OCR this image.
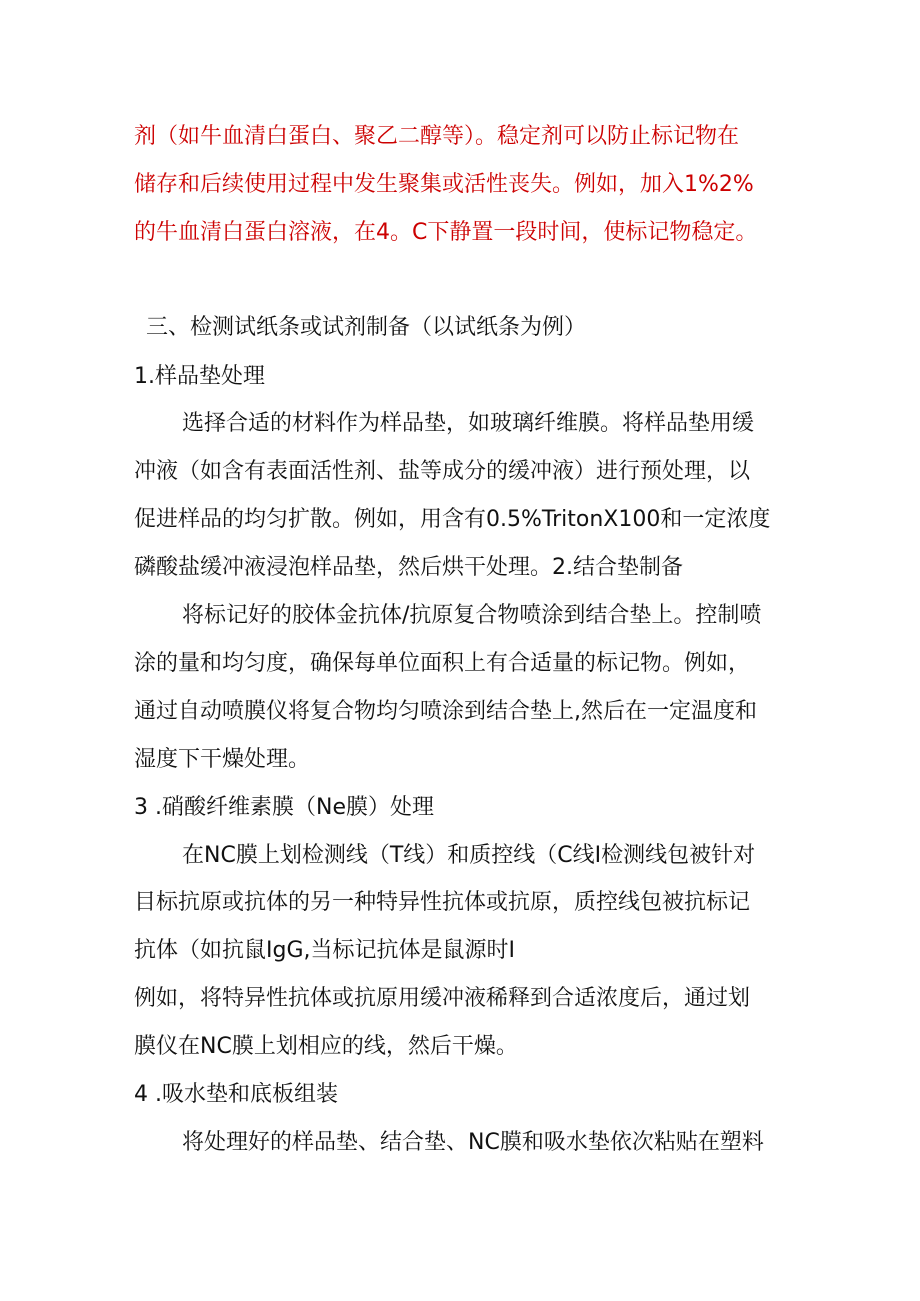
剂（如牛血清白蛋白、聚乙二醇等）。稳定剂可以防止标记物在
储存和后续使用过程中发生聚集或活性丧失。例如，加入1%2%
的牛血清白蛋白溶液，在4。C下静置一段时间，使标记物稳定。
三、检测试纸条或试剂制备（以试纸条为例）
1.样品垫处理
选择合适的材料作为样品垫，如玻璃纤维膜。将样品垫用缓
冲液（如含有表面活性剂、盐等成分的缓冲液）进行预处理，以
促进样品的均匀扩散。例如，用含有0.5%TritonX100和一定浓度
磷酸盐缓冲液浸泡样品垫，然后烘干处理。2.结合垫制备
将标记好的胶体金抗体/抗原复合物喷涂到结合垫上。控制喷
涂的量和均匀度，确保每单位面积上有合适量的标记物。例如，
通过自动喷膜仪将复合物均匀喷涂到结合垫上,然后在一定温度和
湿度下干燥处理。
3 .硝酸纤维素膜（Ne膜）处理
在NC膜上划检测线（T线）和质控线（C线I检测线包被针对
目标抗原或抗体的另一种特异性抗体或抗原，质控线包被抗标记
抗体（如抗鼠IgG,当标记抗体是鼠源时I
例如，将特异性抗体或抗原用缓冲液稀释到合适浓度后，通过划
膜仪在NC膜上划相应的线，然后干燥。
4 .吸水垫和底板组装
将处理好的样品垫、结合垫、NC膜和吸水垫依次粘贴在塑料
